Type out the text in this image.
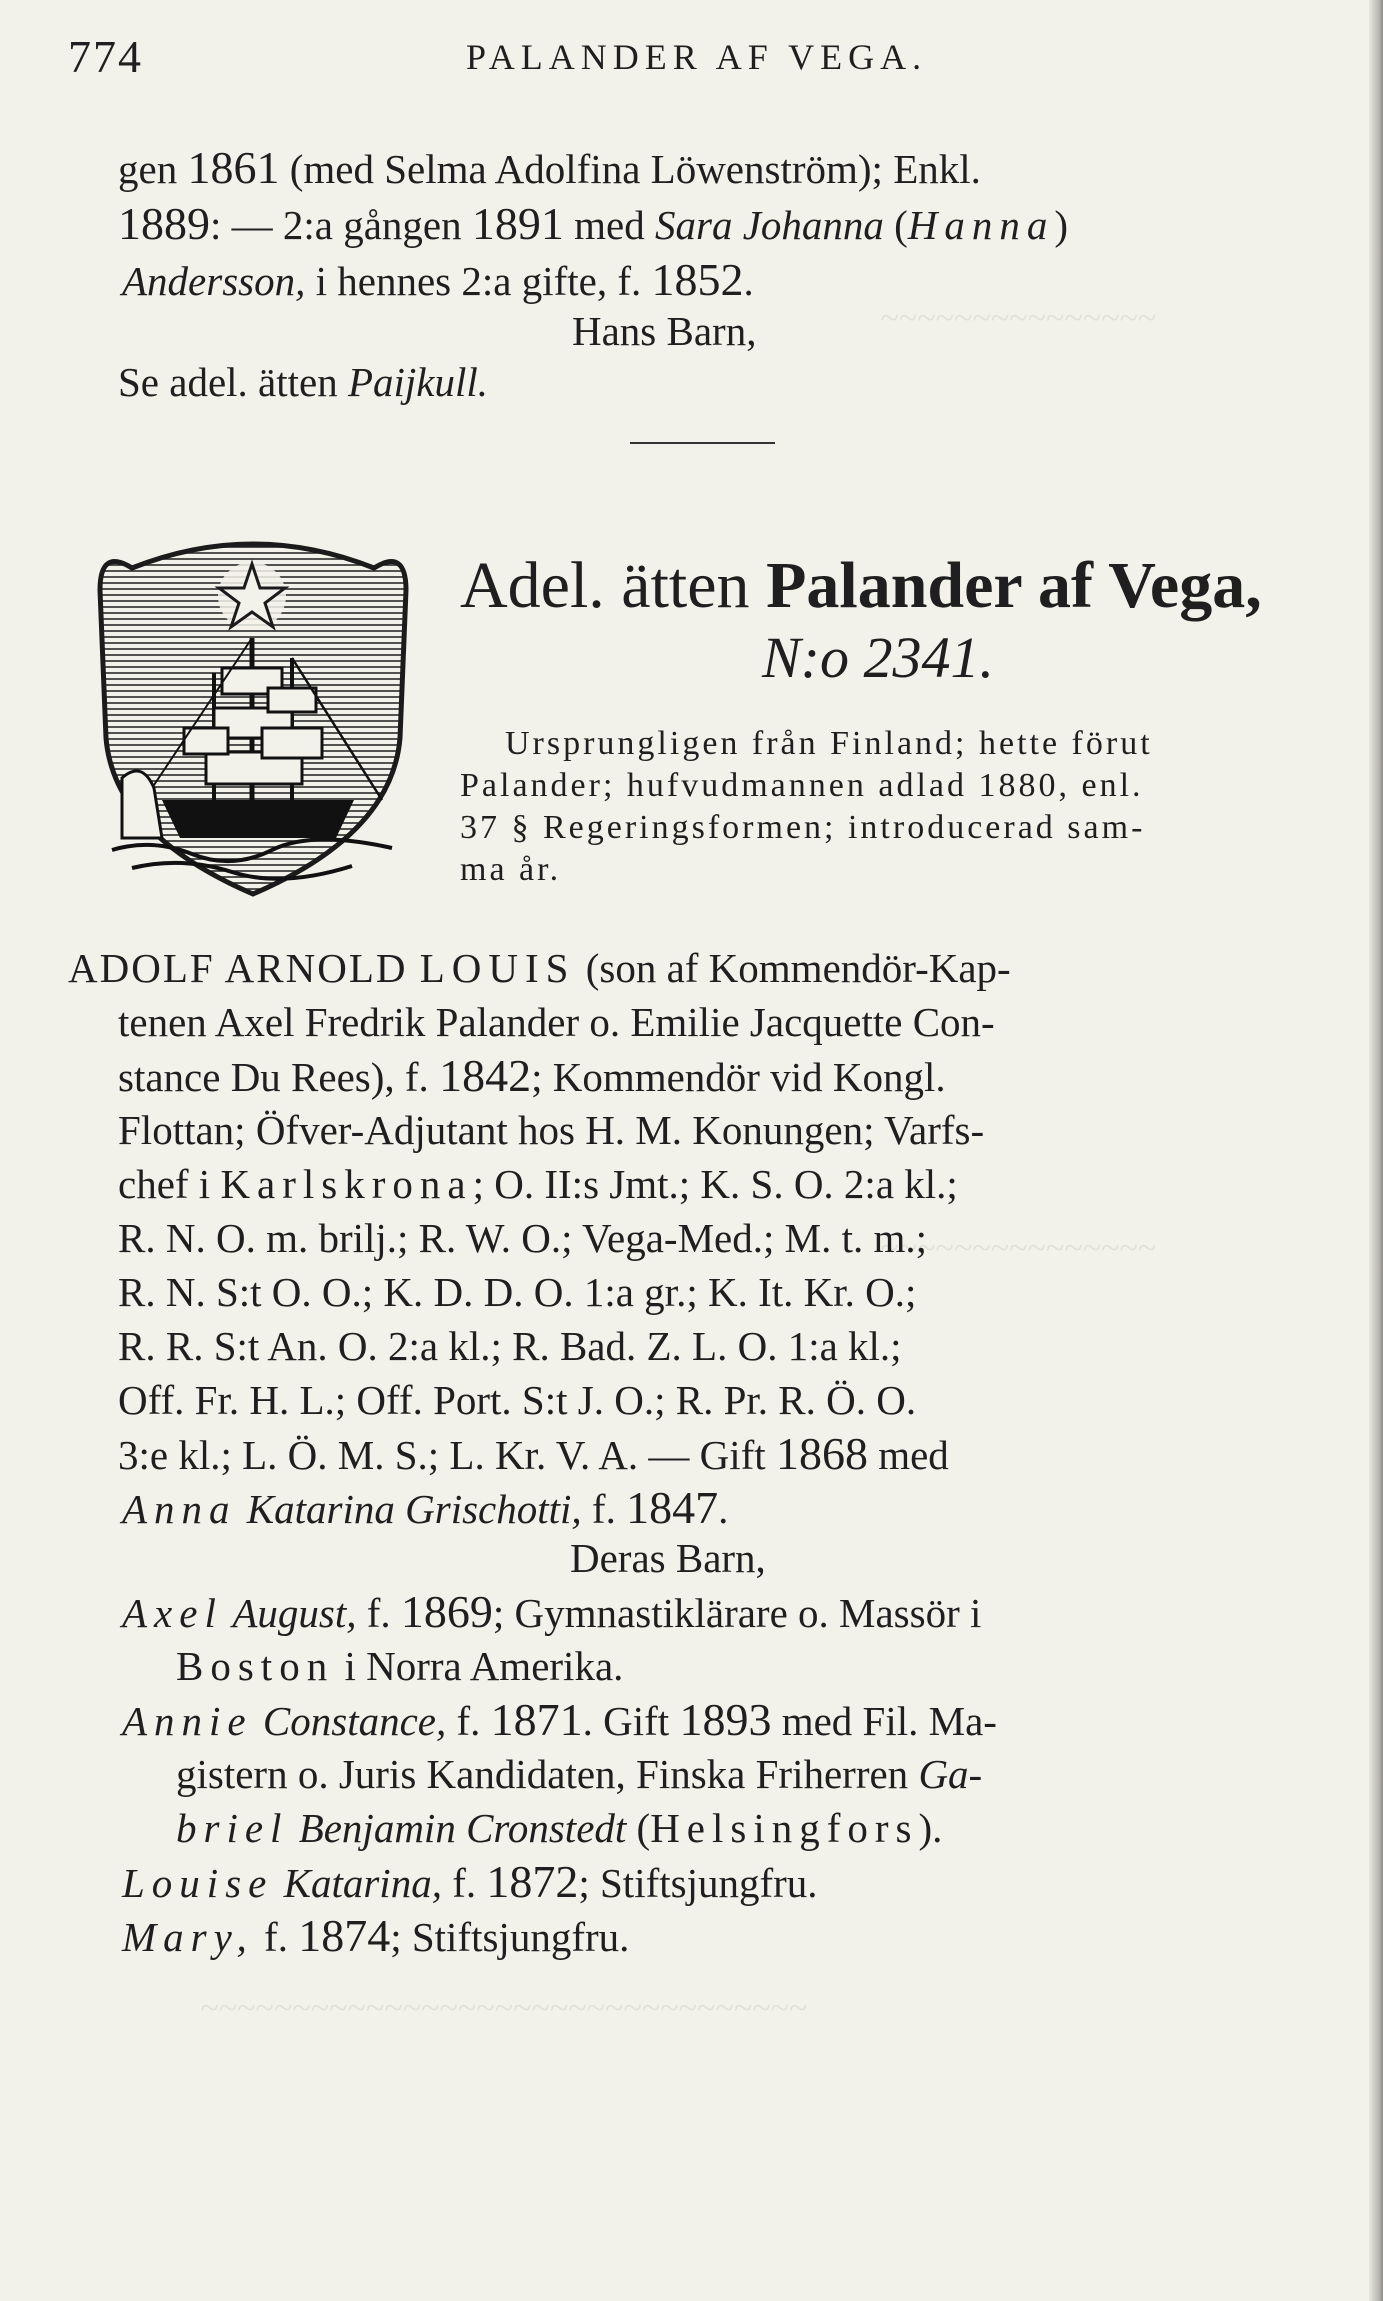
~~~~~~~~~~~~~~~
~~~~~~~~~~~~~~~
~~~~~~~~~~~~~~~~~~~~~~~~~~~~~~~~~
774	PALANDER AF VEGA.
gen 1861 (med Selma Adolfina Löwenström); Enkl.
1889: — 2:a gången 1891 med Sara Johanna (Hanna)
Andersson, i hennes 2:a gifte, f. 1852.
Hans Barn,
Se adel. ätten Paijkull.
Adel. ätten Palander af Vega,
N:o 2341.
Ursprungligen från Finland; hette förut
Palander; hufvudmannen adlad 1880, enl.
37 § Regeringsformen; introducerad sam-
ma år.
ADOLF ARNOLD LOUIS (son af Kommendör-Kap-
tenen Axel Fredrik Palander o. Emilie Jacquette Con-
stance Du Rees), f. 1842; Kommendör vid Kongl.
Flottan; Öfver-Adjutant hos H. M. Konungen; Varfs-
chef i Karlskrona; O. II:s Jmt.; K. S. O. 2:a kl.;
R. N. O. m. brilj.; R. W. O.; Vega-Med.; M. t. m.;
R. N. S:t O. O.; K. D. D. O. 1:a gr.; K. It. Kr. O.;
R. R. S:t An. O. 2:a kl.; R. Bad. Z. L. O. 1:a kl.;
Off. Fr. H. L.; Off. Port. S:t J. O.; R. Pr. R. Ö. O.
3:e kl.; L. Ö. M. S.; L. Kr. V. A. — Gift 1868 med
Anna Katarina Grischotti, f. 1847.
Deras Barn,
Axel August, f. 1869; Gymnastiklärare o. Massör i
Boston i Norra Amerika.
Annie Constance, f. 1871. Gift 1893 med Fil. Ma-
gistern o. Juris Kandidaten, Finska Friherren Ga-
briel Benjamin Cronstedt (Helsingfors).
Louise Katarina, f. 1872; Stiftsjungfru.
Mary, f. 1874; Stiftsjungfru.
